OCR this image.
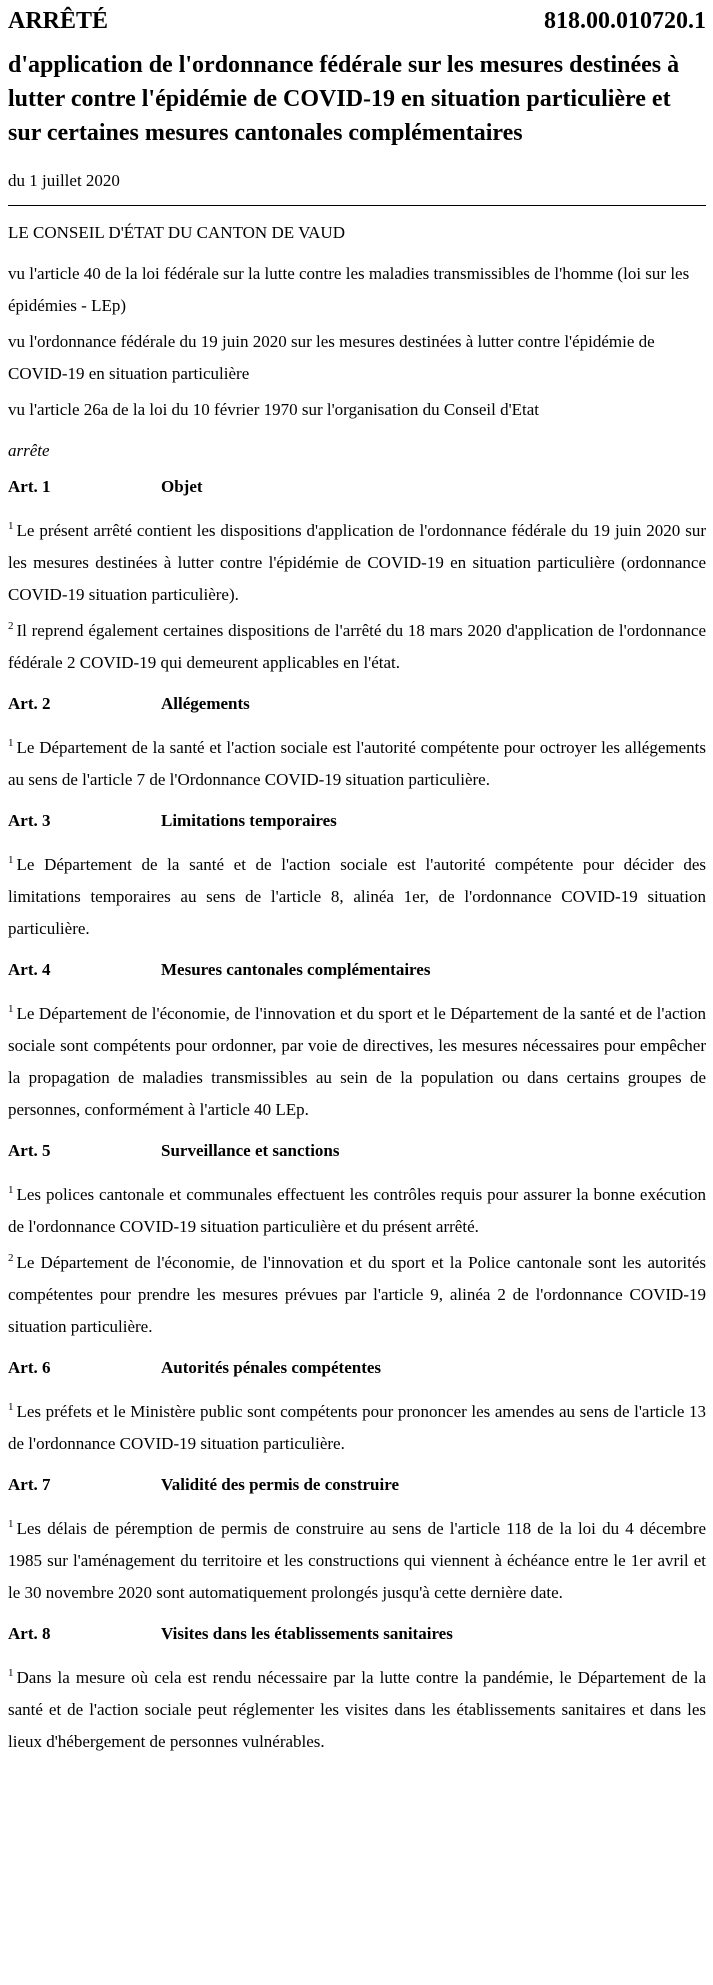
ARRÊTÉ	818.00.010720.1
d'application de l'ordonnance fédérale sur les mesures destinées à lutter contre l'épidémie de COVID-19 en situation particulière et sur certaines mesures cantonales complémentaires
du 1 juillet 2020
LE CONSEIL D'ÉTAT DU CANTON DE VAUD
vu l'article 40 de la loi fédérale sur la lutte contre les maladies transmissibles de l'homme (loi sur les épidémies - LEp)
vu l'ordonnance fédérale du 19 juin 2020 sur les mesures destinées à lutter contre l'épidémie de COVID-19 en situation particulière
vu l'article 26a de la loi du 10 février 1970 sur l'organisation du Conseil d'Etat
arrête
Art. 1	Objet

$^1$ Le présent arrêté contient les dispositions d'application de l'ordonnance fédérale du 19 juin 2020 sur les mesures destinées à lutter contre l'épidémie de COVID-19 en situation particulière (ordonnance COVID-19 situation particulière).

$^2$ Il reprend également certaines dispositions de l'arrêté du 18 mars 2020 d'application de l'ordonnance fédérale 2 COVID-19 qui demeurent applicables en l'état.

Art. 2	Allégements

$^1$ Le Département de la santé et l'action sociale est l'autorité compétente pour octroyer les allégements au sens de l'article 7 de l'Ordonnance COVID-19 situation particulière.

Art. 3	Limitations temporaires

$^1$ Le Département de la santé et de l'action sociale est l'autorité compétente pour décider des limitations temporaires au sens de l'article 8, alinéa 1er, de l'ordonnance COVID-19 situation particulière.

Art. 4	Mesures cantonales complémentaires

$^1$ Le Département de l'économie, de l'innovation et du sport et le Département de la santé et de l'action sociale sont compétents pour ordonner, par voie de directives, les mesures nécessaires pour empêcher la propagation de maladies transmissibles au sein de la population ou dans certains groupes de personnes, conformément à l'article 40 LEp.

Art. 5	Surveillance et sanctions

$^1$ Les polices cantonale et communales effectuent les contrôles requis pour assurer la bonne exécution de l'ordonnance COVID-19 situation particulière et du présent arrêté.

$^2$ Le Département de l'économie, de l'innovation et du sport et la Police cantonale sont les autorités compétentes pour prendre les mesures prévues par l'article 9, alinéa 2 de l'ordonnance COVID-19 situation particulière.

Art. 6	Autorités pénales compétentes

$^1$ Les préfets et le Ministère public sont compétents pour prononcer les amendes au sens de l'article 13 de l'ordonnance COVID-19 situation particulière.

Art. 7	Validité des permis de construire

$^1$ Les délais de péremption de permis de construire au sens de l'article 118 de la loi du 4 décembre 1985 sur l'aménagement du territoire et les constructions qui viennent à échéance entre le 1er avril et le 30 novembre 2020 sont automatiquement prolongés jusqu'à cette dernière date.

Art. 8	Visites dans les établissements sanitaires

$^1$ Dans la mesure où cela est rendu nécessaire par la lutte contre la pandémie, le Département de la santé et de l'action sociale peut réglementer les visites dans les établissements sanitaires et dans les lieux d'hébergement de personnes vulnérables.
